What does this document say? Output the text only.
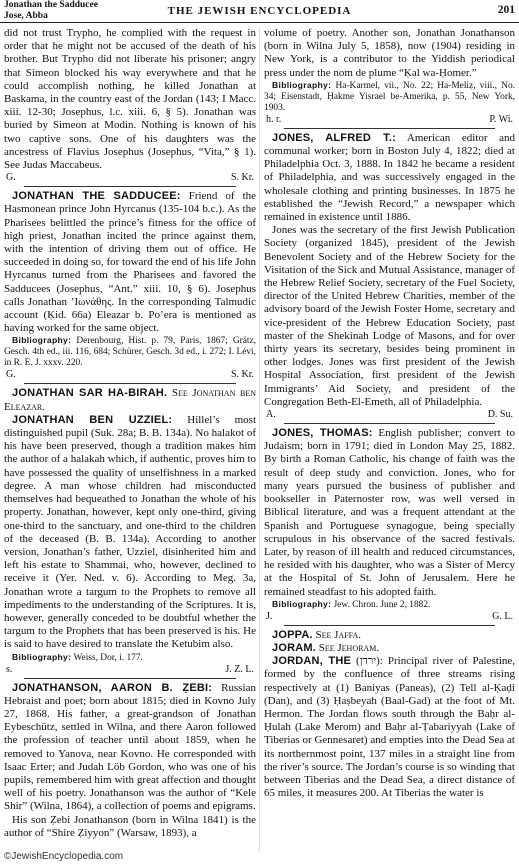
Jonathan the Sadducee
Jose, Abba	THE JEWISH ENCYCLOPEDIA	201

did not trust Trypho, he complied with the request in order that he might not be accused of the death of his brother. But Trypho did not liberate his prisoner; angry that Simeon blocked his way everywhere and that he could accomplish nothing, he killed Jonathan at Baskama, in the country east of the Jordan (143; I Macc. xiii. 12-30; Josephus, l.c. xiii. 6, § 5). Jonathan was buried by Simeon at Modin. Nothing is known of his two captive sons. One of his daughters was the ancestress of Flavius Josephus (Josephus, “Vita,” § 1). See Judas Maccabeus.

G.	S. Kr.

JONATHAN THE SADDUCEE: Friend of the Hasmonean prince John Hyrcanus (135-104 b.c.). As the Pharisees belittled the prince’s fitness for the office of high priest, Jonathan incited the prince against them, with the intention of driving them out of office. He succeeded in doing so, for toward the end of his life John Hyrcanus turned from the Pharisees and favored the Sadducees (Josephus, “Ant.” xiii. 10, § 6). Josephus calls Jonathan ’Ιωνάθης. In the corresponding Talmudic account (Ḳid. 66a) Eleazar b. Po’era is mentioned as having worked for the same object.

Bibliography: Derenbourg, Hist. p. 79, Paris, 1867; Grätz, Gesch. 4th ed., iii. 116, 684; Schürer, Gesch. 3d ed., i. 272; I. Lévi, in R. E. J. xxxv. 220.

G.	S. Kr.

JONATHAN SAR HA-BIRAH. See Jonathan ben Eleazar.

JONATHAN BEN UZZIEL: Hillel’s most distinguished pupil (Suk. 28a; B. B. 134a). No halakot of his have been preserved, though a tradition makes him the author of a halakah which, if authentic, proves him to have possessed the quality of unselfishness in a marked degree. A man whose children had misconducted themselves had bequeathed to Jonathan the whole of his property. Jonathan, however, kept only one-third, giving one-third to the sanctuary, and one-third to the children of the deceased (B. B. 134a). According to another version, Jonathan’s father, Uzziel, disinherited him and left his estate to Shammai, who, however, declined to receive it (Yer. Ned. v. 6). According to Meg. 3a, Jonathan wrote a targum to the Prophets to remove all impediments to the understanding of the Scriptures. It is, however, generally conceded to be doubtful whether the targum to the Prophets that has been preserved is his. He is said to have desired to translate the Ketubim also.

Bibliography: Weiss, Dor, i. 177.

s.	J. Z. L.

JONATHANSON, AARON B. ẒEBI: Russian Hebraist and poet; born about 1815; died in Kovno July 27, 1868. His father, a great-grandson of Jonathan Eybeschütz, settled in Wilna, and there Aaron followed the profession of teacher until about 1859, when he removed to Yanova, near Kovno. He corresponded with Isaac Erter; and Judah Löb Gordon, who was one of his pupils, remembered him with great affection and thought well of his poetry. Jonathanson was the author of “Kele Shir” (Wilna, 1864), a collection of poems and epigrams.

His son Ẓebi Jonathanson (born in Wilna 1841) is the author of “Shire Ẓiyyon” (Warsaw, 1893), a

volume of poetry. Another son, Jonathan Jonathanson (born in Wilna July 5, 1858), now (1904) residing in New York, is a contributor to the Yiddish periodical press under the nom de plume “Ḳal wa-Ḥomer.”

Bibliography: Ha-Karmel, vii., No. 22; Ha-Meliẓ, viii., No. 34; Eisenstadt, Ḥakme Yisrael be-Amerika, p. 55, New York, 1903.

h. r.	P. Wi.

JONES, ALFRED T.: American editor and communal worker; born in Boston July 4, 1822; died at Philadelphia Oct. 3, 1888. In 1842 he became a resident of Philadelphia, and was successively engaged in the wholesale clothing and printing businesses. In 1875 he established the “Jewish Record,” a newspaper which remained in existence until 1886.

Jones was the secretary of the first Jewish Publication Society (organized 1845), president of the Jewish Benevolent Society and of the Hebrew Society for the Visitation of the Sick and Mutual Assistance, manager of the Hebrew Relief Society, secretary of the Fuel Society, director of the United Hebrew Charities, member of the advisory board of the Jewish Foster Home, secretary and vice-president of the Hebrew Education Society, past master of the Shekinah Lodge of Masons, and for over thirty years its secretary, besides being prominent in other lodges. Jones was first president of the Jewish Hospital Association, first president of the Jewish Immigrants’ Aid Society, and president of the Congregation Beth-El-Emeth, all of Philadelphia.

A.	D. Su.

JONES, THOMAS: English publisher; convert to Judaism; born in 1791; died in London May 25, 1882. By birth a Roman Catholic, his change of faith was the result of deep study and conviction. Jones, who for many years pursued the business of publisher and bookseller in Paternoster row, was well versed in Biblical literature, and was a frequent attendant at the Spanish and Portuguese synagogue, being specially scrupulous in his observance of the sacred festivals. Later, by reason of ill health and reduced circumstances, he resided with his daughter, who was a Sister of Mercy at the Hospital of St. John of Jerusalem. Here he remained steadfast to his adopted faith.

Bibliography: Jew. Chron. June 2, 1882.

J.	G. L.

JOPPA. See Jaffa.

JORAM. See Jehoram.

JORDAN, THE (ירדן): Principal river of Palestine, formed by the confluence of three streams rising respectively at (1) Baniyas (Paneas), (2) Tell al-Ḳaḍi (Dan), and (3) Ḥaṣbeyah (Baal-Gad) at the foot of Mt. Hermon. The Jordan flows south through the Baḥr al-Ḥulah (Lake Merom) and Baḥr al-Ṭabariyyah (Lake of Tiberias or Gennesaret) and empties into the Dead Sea at its northernmost point, 137 miles in a straight line from the river’s source. The Jordan’s course is so winding that between Tiberias and the Dead Sea, a direct distance of 65 miles, it measures 200. At Tiberias the water is

©JewishEncyclopedia.com
